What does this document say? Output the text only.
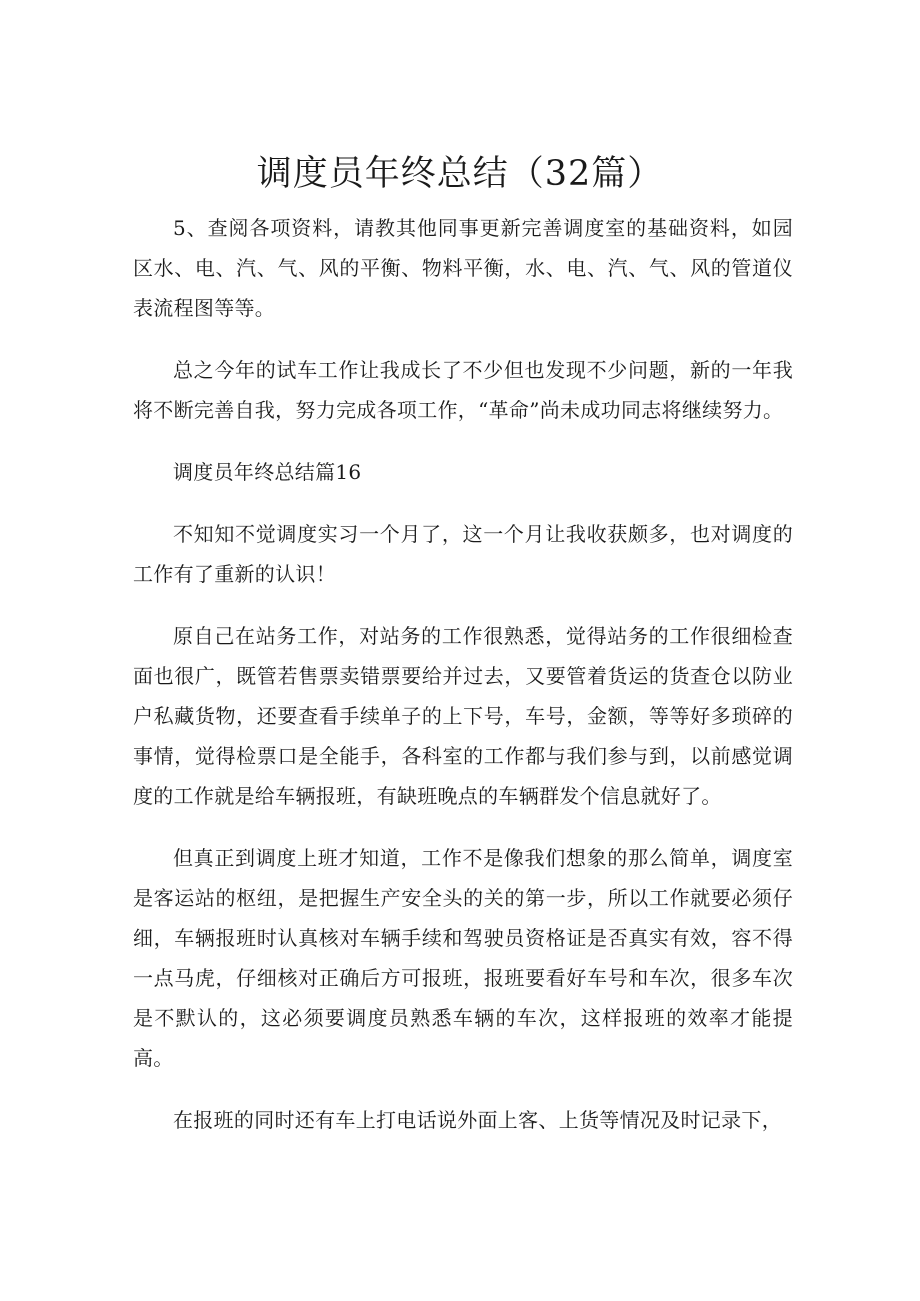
调度员年终总结（32篇）

5、查阅各项资料，请教其他同事更新完善调度室的基础资料，如园区水、电、汽、气、风的平衡、物料平衡，水、电、汽、气、风的管道仪表流程图等等。

总之今年的试车工作让我成长了不少但也发现不少问题，新的一年我将不断完善自我，努力完成各项工作，“革命”尚未成功同志将继续努力。

调度员年终总结篇16

不知知不觉调度实习一个月了，这一个月让我收获颇多，也对调度的工作有了重新的认识！

原自己在站务工作，对站务的工作很熟悉，觉得站务的工作很细检查面也很广，既管若售票卖错票要给并过去，又要管着货运的货查仓以防业户私藏货物，还要查看手续单子的上下号，车号，金额，等等好多琐碎的事情，觉得检票口是全能手，各科室的工作都与我们参与到，以前感觉调度的工作就是给车辆报班，有缺班晚点的车辆群发个信息就好了。

但真正到调度上班才知道，工作不是像我们想象的那么简单，调度室是客运站的枢纽，是把握生产安全头的关的第一步，所以工作就要必须仔细，车辆报班时认真核对车辆手续和驾驶员资格证是否真实有效，容不得一点马虎，仔细核对正确后方可报班，报班要看好车号和车次，很多车次是不默认的，这必须要调度员熟悉车辆的车次，这样报班的效率才能提高。

在报班的同时还有车上打电话说外面上客、上货等情况及时记录下，
